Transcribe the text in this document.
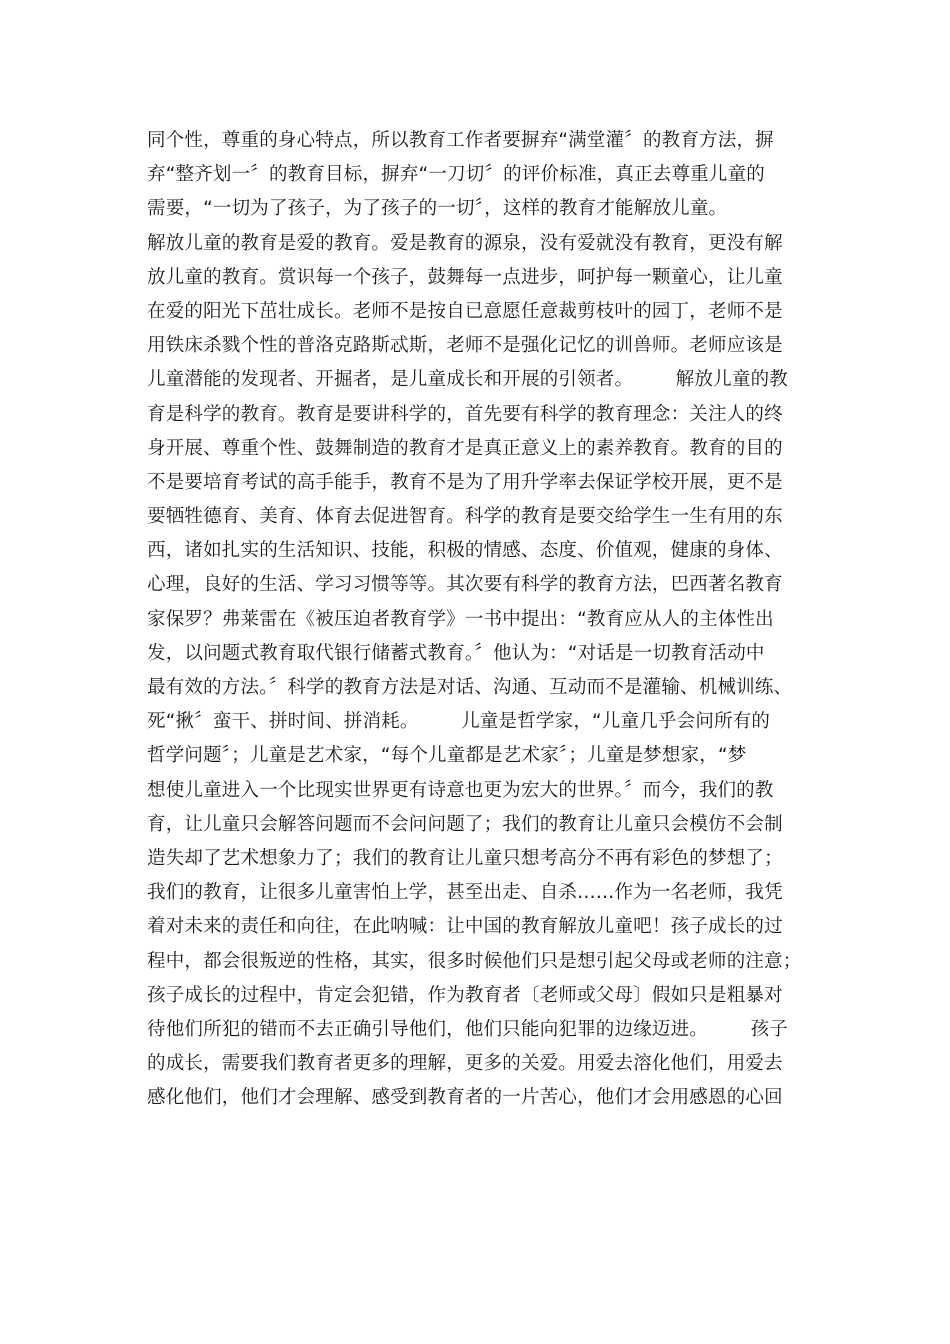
同个性，尊重的身心特点，所以教育工作者要摒弃“满堂灌〞的教育方法，摒
弃“整齐划一〞的教育目标，摒弃“一刀切〞的评价标准，真正去尊重儿童的
需要，“一切为了孩子，为了孩子的一切〞，这样的教育才能解放儿童。
解放儿童的教育是爱的教育。爱是教育的源泉，没有爱就没有教育，更没有解
放儿童的教育。赏识每一个孩子，鼓舞每一点进步，呵护每一颗童心，让儿童
在爱的阳光下茁壮成长。老师不是按自已意愿任意裁剪枝叶的园丁，老师不是
用铁床杀戮个性的普洛克路斯忒斯，老师不是强化记忆的训兽师。老师应该是
儿童潜能的发现者、开掘者，是儿童成长和开展的引领者。       解放儿童的教
育是科学的教育。教育是要讲科学的，首先要有科学的教育理念：关注人的终
身开展、尊重个性、鼓舞制造的教育才是真正意义上的素养教育。教育的目的
不是要培育考试的高手能手，教育不是为了用升学率去保证学校开展，更不是
要牺牲德育、美育、体育去促进智育。科学的教育是要交给学生一生有用的东
西，诸如扎实的生活知识、技能，积极的情感、态度、价值观，健康的身体、
心理，良好的生活、学习习惯等等。其次要有科学的教育方法，巴西著名教育
家保罗？弗莱雷在《被压迫者教育学》一书中提出：“教育应从人的主体性出
发，以问题式教育取代银行储蓄式教育。〞他认为：“对话是一切教育活动中
最有效的方法。〞科学的教育方法是对话、沟通、互动而不是灌输、机械训练、
死“揪〞蛮干、拼时间、拼消耗。       儿童是哲学家，“儿童几乎会问所有的
哲学问题〞；儿童是艺术家，“每个儿童都是艺术家〞；儿童是梦想家，“梦
想使儿童进入一个比现实世界更有诗意也更为宏大的世界。〞而今，我们的教
育，让儿童只会解答问题而不会问问题了；我们的教育让儿童只会模仿不会制
造失却了艺术想象力了；我们的教育让儿童只想考高分不再有彩色的梦想了；
我们的教育，让很多儿童害怕上学，甚至出走、自杀……作为一名老师，我凭
着对未来的责任和向往，在此呐喊：让中国的教育解放儿童吧！孩子成长的过
程中，都会很叛逆的性格，其实，很多时候他们只是想引起父母或老师的注意；
孩子成长的过程中，肯定会犯错，作为教育者〔老师或父母〕假如只是粗暴对
待他们所犯的错而不去正确引导他们，他们只能向犯罪的边缘迈进。       孩子
的成长，需要我们教育者更多的理解，更多的关爱。用爱去溶化他们，用爱去
感化他们，他们才会理解、感受到教育者的一片苦心，他们才会用感恩的心回
